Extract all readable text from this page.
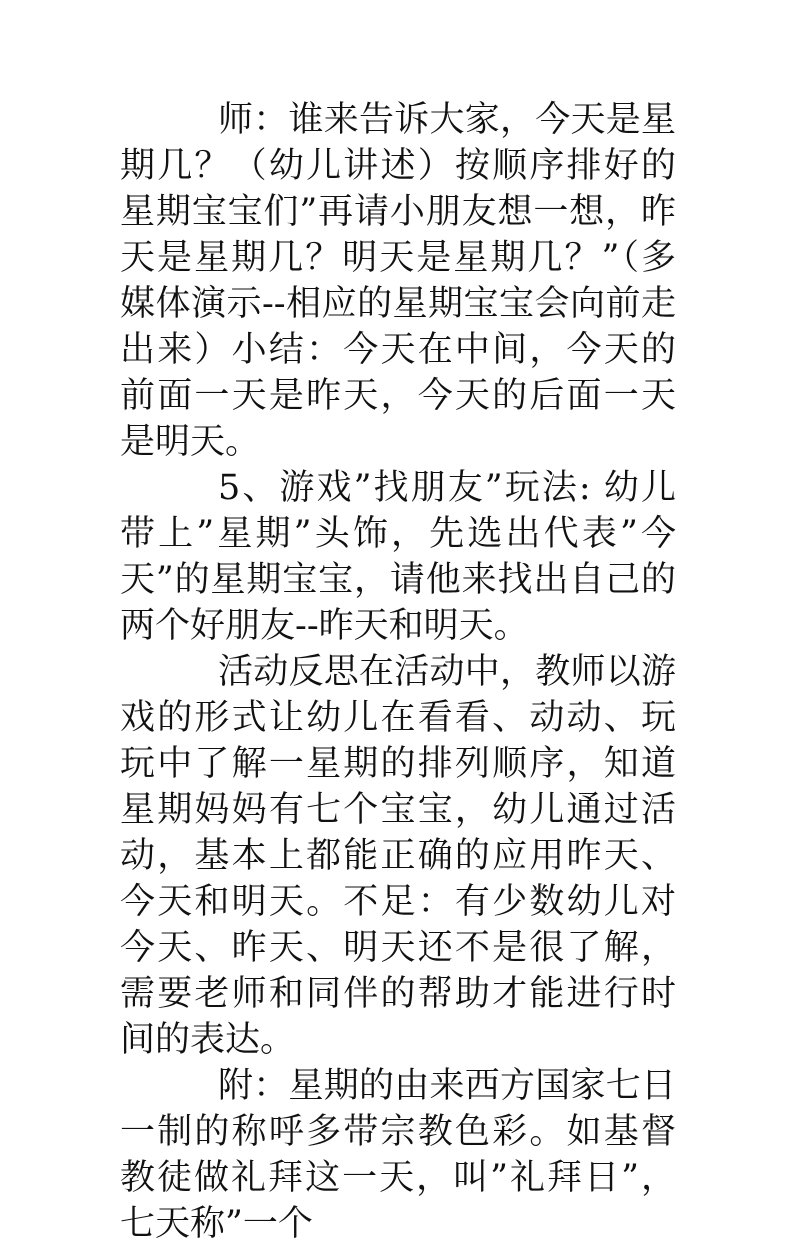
师：谁来告诉大家，今天是星期几？（幼儿讲述）按顺序排好的星期宝宝们”再请小朋友想一想，昨天是星期几？明天是星期几？”（多媒体演示--相应的星期宝宝会向前走出来）小结：今天在中间，今天的前面一天是昨天，今天的后面一天是明天。

5、游戏”找朋友”玩法: 幼儿带上”星期”头饰，先选出代表”今天”的星期宝宝，请他来找出自己的两个好朋友--昨天和明天。

活动反思在活动中，教师以游戏的形式让幼儿在看看、动动、玩玩中了解一星期的排列顺序，知道星期妈妈有七个宝宝，幼儿通过活动，基本上都能正确的应用昨天、今天和明天。不足：有少数幼儿对今天、昨天、明天还不是很了解，需要老师和同伴的帮助才能进行时间的表达。

附：星期的由来西方国家七日一制的称呼多带宗教色彩。如基督教徒做礼拜这一天，叫”礼拜日”，七天称”一个
